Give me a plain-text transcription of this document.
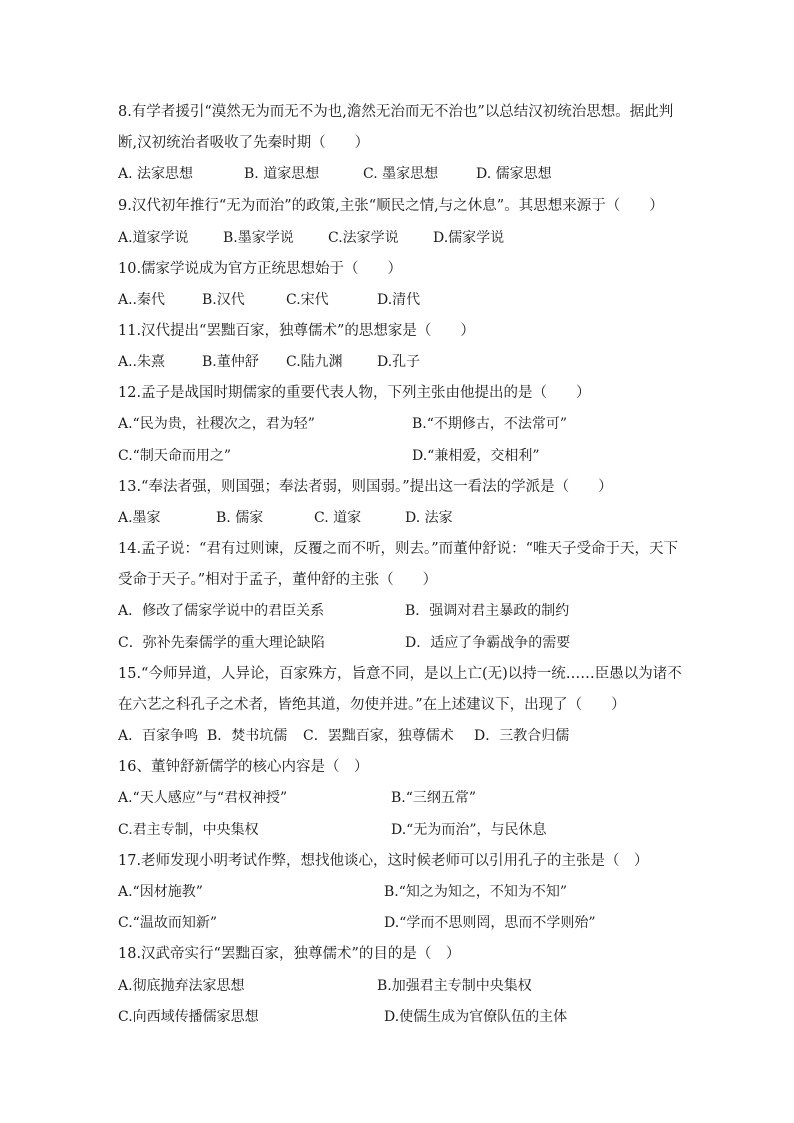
8.有学者援引“漠然无为而无不为也,澹然无治而无不治也”以总结汉初统治思想。据此判
断,汉初统治者吸收了先秦时期（　　）
A. 法家思想	B. 道家思想	C. 墨家思想	D. 儒家思想
9.汉代初年推行“无为而治”的政策,主张“顺民之情,与之休息”。其思想来源于（　　）
A.道家学说 B.墨家学说 C.法家学说 D.儒家学说
10.儒家学说成为官方正统思想始于（　　）
A..秦代	B.汉代	C.宋代	D.清代
11.汉代提出“罢黜百家，独尊儒术”的思想家是（　　）
A..朱熹	B.董仲舒 C.陆九渊 D.孔子
12.孟子是战国时期儒家的重要代表人物，下列主张由他提出的是（　　）
A.“民为贵，社稷次之，君为轻”	B.“不期修古，不法常可”
C.“制天命而用之”	D.“兼相爱，交相利”
13.“奉法者强，则国强；奉法者弱，则国弱。”提出这一看法的学派是（　　）
A.墨家	B. 儒家	C. 道家	D. 法家
14.孟子说：“君有过则谏，反覆之而不听，则去。”而董仲舒说：“唯天子受命于天，天下
受命于天子。”相对于孟子，董仲舒的主张（　　）
A．修改了儒家学说中的君臣关系	B．强调对君主暴政的制约
C．弥补先秦儒学的重大理论缺陷	D．适应了争霸战争的需要
15.“今师异道，人异论，百家殊方，旨意不同，是以上亡(无)以持一统……臣愚以为诸不
在六艺之科孔子之术者，皆绝其道，勿使并进。”在上述建议下，出现了（　　）
A．百家争鸣 B．焚书坑儒 C．罢黜百家，独尊儒术 D．三教合归儒
16、董钟舒新儒学的核心内容是（　）
A.“天人感应”与“君权神授”	B.“三纲五常”
C.君主专制，中央集权	D.“无为而治”，与民休息
17.老师发现小明考试作弊，想找他谈心，这时候老师可以引用孔子的主张是（　）
A.“因材施教”	B.“知之为知之，不知为不知”
C.“温故而知新”	D.“学而不思则罔，思而不学则殆”
18.汉武帝实行“罢黜百家，独尊儒术”的目的是（　）
A.彻底抛弃法家思想	B.加强君主专制中央集权
C.向西域传播儒家思想	D.使儒生成为官僚队伍的主体
